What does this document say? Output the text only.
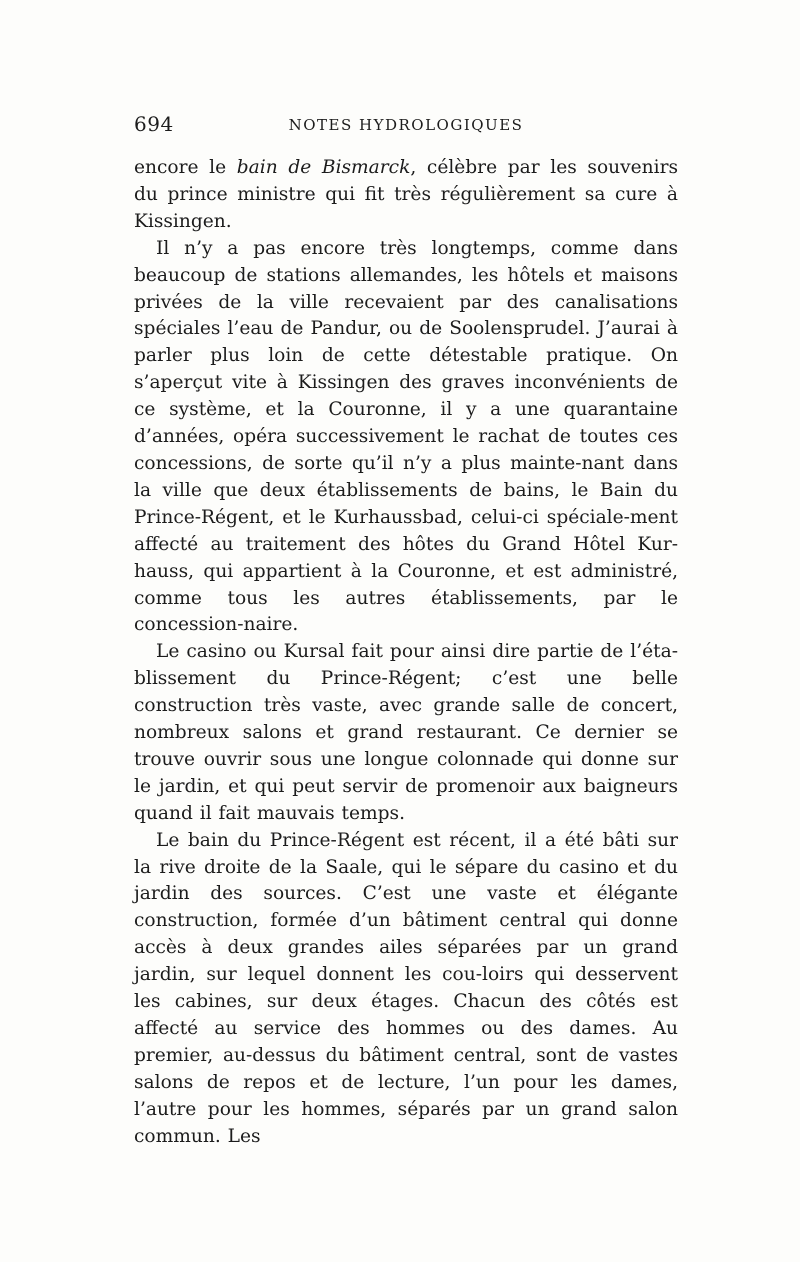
694	NOTES HYDROLOGIQUES

encore le bain de Bismarck, célèbre par les souvenirs du prince ministre qui fit très régulièrement sa cure à Kissingen.

Il n’y a pas encore très longtemps, comme dans beaucoup de stations allemandes, les hôtels et maisons privées de la ville recevaient par des canalisations spéciales l’eau de Pandur, ou de Soolensprudel. J’aurai à parler plus loin de cette détestable pratique. On s’aperçut vite à Kissingen des graves inconvénients de ce système, et la Couronne, il y a une quarantaine d’années, opéra successivement le rachat de toutes ces concessions, de sorte qu’il n’y a plus mainte-nant dans la ville que deux établissements de bains, le Bain du Prince-Régent, et le Kurhaussbad, celui-ci spéciale-ment affecté au traitement des hôtes du Grand Hôtel Kur-hauss, qui appartient à la Couronne, et est administré, comme tous les autres établissements, par le concession-naire.

Le casino ou Kursal fait pour ainsi dire partie de l’éta-blissement du Prince-Régent; c’est une belle construction très vaste, avec grande salle de concert, nombreux salons et grand restaurant. Ce dernier se trouve ouvrir sous une longue colonnade qui donne sur le jardin, et qui peut servir de promenoir aux baigneurs quand il fait mauvais temps.

Le bain du Prince-Régent est récent, il a été bâti sur la rive droite de la Saale, qui le sépare du casino et du jardin des sources. C’est une vaste et élégante construction, formée d’un bâtiment central qui donne accès à deux grandes ailes séparées par un grand jardin, sur lequel donnent les cou-loirs qui desservent les cabines, sur deux étages. Chacun des côtés est affecté au service des hommes ou des dames. Au premier, au-dessus du bâtiment central, sont de vastes salons de repos et de lecture, l’un pour les dames, l’autre pour les hommes, séparés par un grand salon commun. Les
